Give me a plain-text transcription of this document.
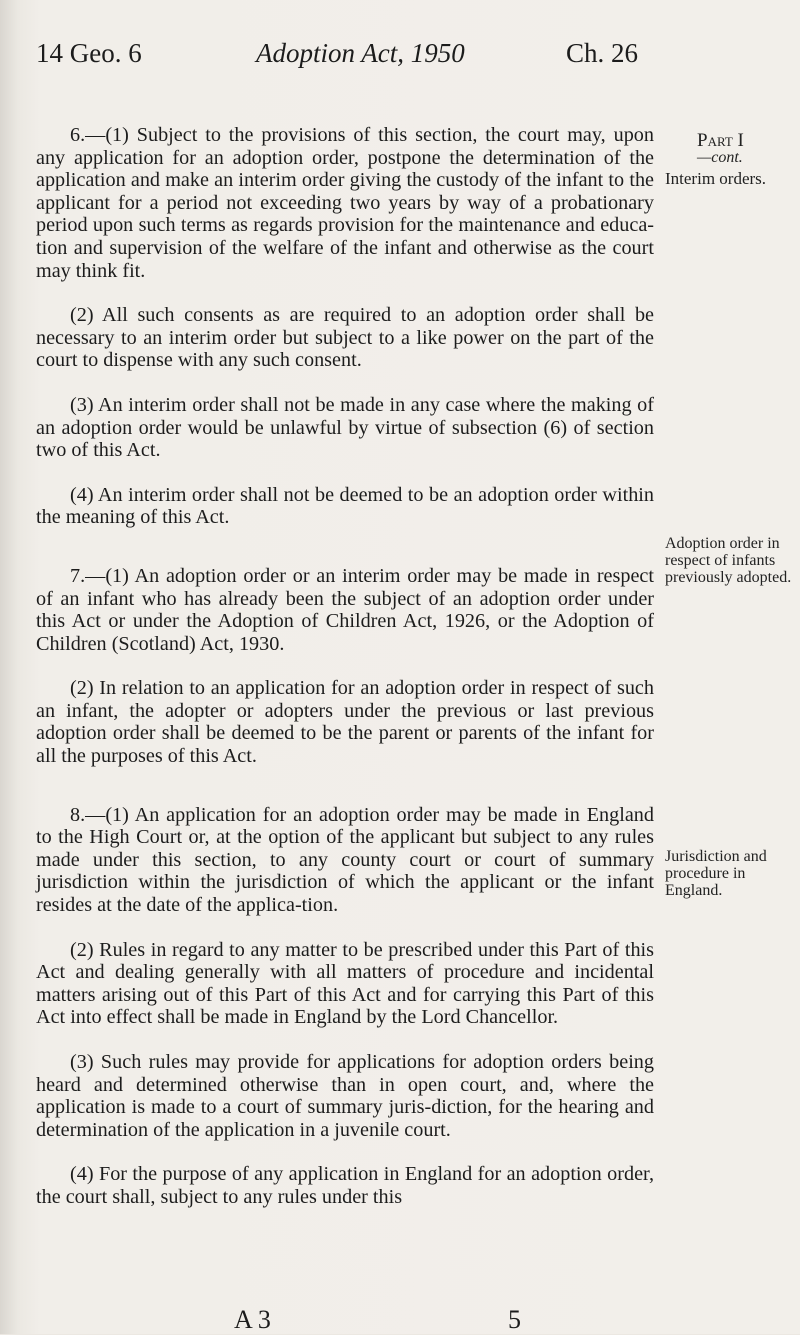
14 Geo. 6	Adoption Act, 1950	Ch. 26

6.—(1) Subject to the provisions of this section, the court may, upon any application for an adoption order, postpone the determination of the application and make an interim order giving the custody of the infant to the applicant for a period not exceeding two years by way of a probationary period upon such terms as regards provision for the maintenance and educa-tion and supervision of the welfare of the infant and otherwise as the court may think fit.

(2) All such consents as are required to an adoption order shall be necessary to an interim order but subject to a like power on the part of the court to dispense with any such consent.

(3) An interim order shall not be made in any case where the making of an adoption order would be unlawful by virtue of subsection (6) of section two of this Act.

(4) An interim order shall not be deemed to be an adoption order within the meaning of this Act.

7.—(1) An adoption order or an interim order may be made in respect of an infant who has already been the subject of an adoption order under this Act or under the Adoption of Children Act, 1926, or the Adoption of Children (Scotland) Act, 1930.

(2) In relation to an application for an adoption order in respect of such an infant, the adopter or adopters under the previous or last previous adoption order shall be deemed to be the parent or parents of the infant for all the purposes of this Act.

8.—(1) An application for an adoption order may be made in England to the High Court or, at the option of the applicant but subject to any rules made under this section, to any county court or court of summary jurisdiction within the jurisdiction of which the applicant or the infant resides at the date of the applica-tion.

(2) Rules in regard to any matter to be prescribed under this Part of this Act and dealing generally with all matters of procedure and incidental matters arising out of this Part of this Act and for carrying this Part of this Act into effect shall be made in England by the Lord Chancellor.

(3) Such rules may provide for applications for adoption orders being heard and determined otherwise than in open court, and, where the application is made to a court of summary juris-diction, for the hearing and determination of the application in a juvenile court.

(4) For the purpose of any application in England for an adoption order, the court shall, subject to any rules under this

Part I
—cont.
Interim orders.
Adoption order in respect of infants previously adopted.
Jurisdiction and procedure in England.
A 3	5
